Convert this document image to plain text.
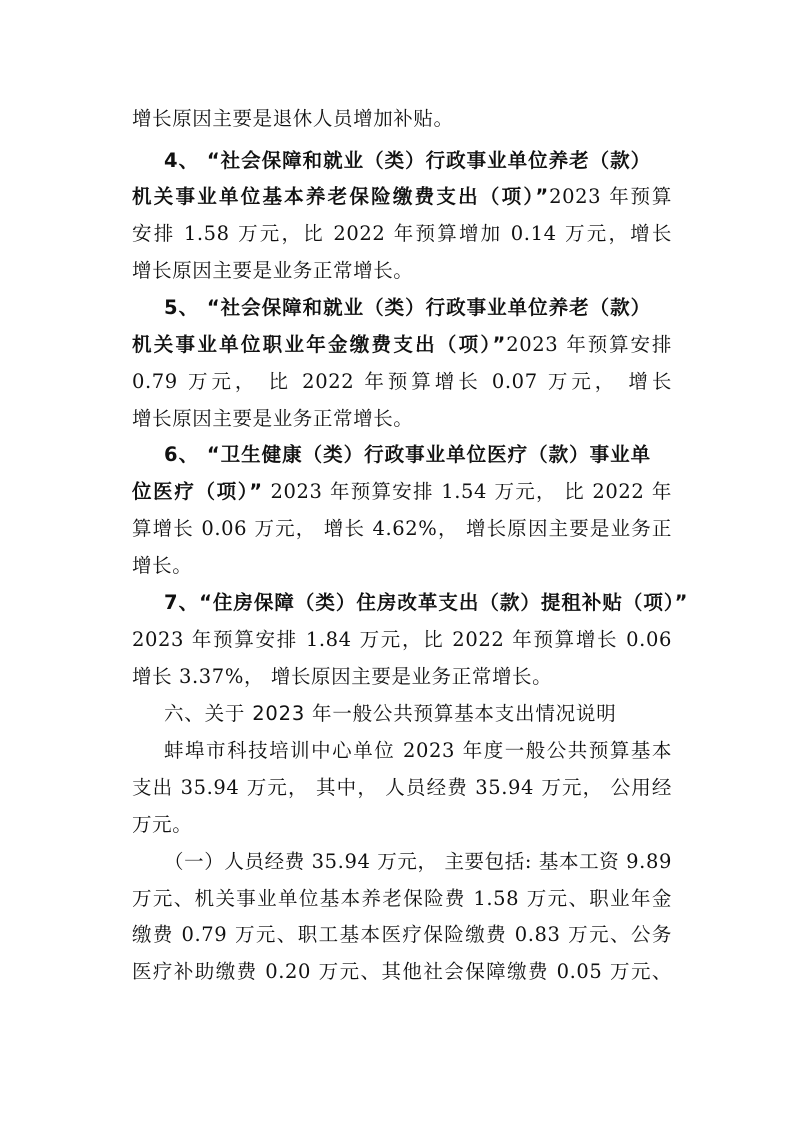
增长原因主要是退休人员增加补贴。
4、 “社会保障和就业（类）行政事业单位养老（款）
机关事业单位基本养老保险缴费支出（项）”2023 年预算
安排 1.58 万元，比 2022 年预算增加 0.14 万元，增长
增长原因主要是业务正常增长。
5、 “社会保障和就业（类）行政事业单位养老（款）
机关事业单位职业年金缴费支出（项）”2023 年预算安排
0.79 万元， 比 2022 年预算增长 0.07 万元， 增长
增长原因主要是业务正常增长。
6、 “卫生健康（类）行政事业单位医疗（款）事业单
位医疗（项）” 2023 年预算安排 1.54 万元， 比 2022 年
算增长 0.06 万元， 增长 4.62%， 增长原因主要是业务正
增长。
7、“住房保障（类）住房改革支出（款）提租补贴（项）”
2023 年预算安排 1.84 万元，比 2022 年预算增长 0.06
增长 3.37%， 增长原因主要是业务正常增长。
六、关于 2023 年一般公共预算基本支出情况说明
蚌埠市科技培训中心单位 2023 年度一般公共预算基本
支出 35.94 万元， 其中， 人员经费 35.94 万元， 公用经
万元。
（一）人员经费 35.94 万元， 主要包括: 基本工资 9.89
万元、机关事业单位基本养老保险费 1.58 万元、职业年金
缴费 0.79 万元、职工基本医疗保险缴费 0.83 万元、公务
医疗补助缴费 0.20 万元、其他社会保障缴费 0.05 万元、
